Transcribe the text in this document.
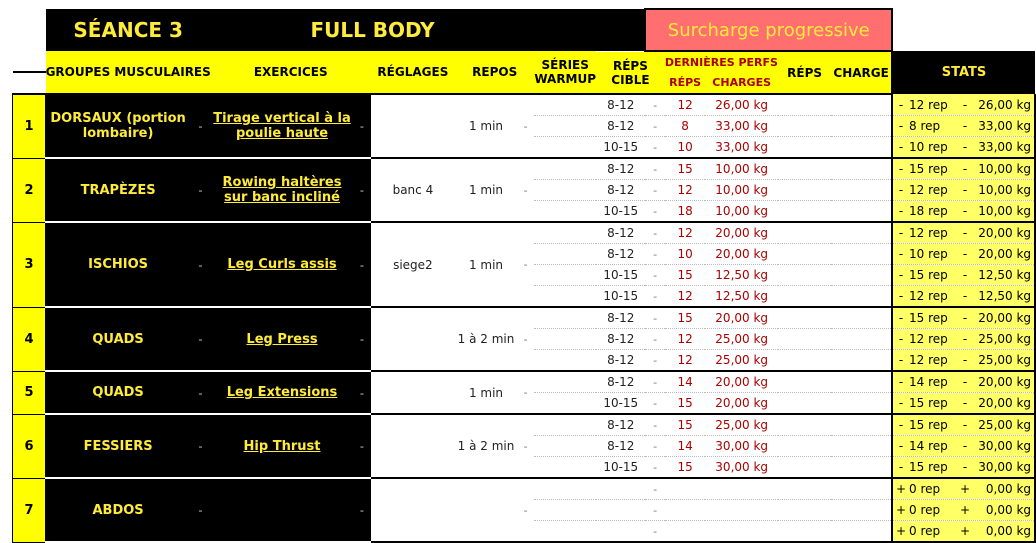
	SÉANCE 3		FULL BODY							Surcharge progressive					
	GROUPES MUSCULAIRES		EXERCICES		RÉGLAGES	REPOS		SÉRIES WARMUP	RÉPS CIBLE		DERNIÈRES PERFS		RÉPS	CHARGE	STATS
											RÉPS	CHARGES			
1	DORSAUX (portion lombaire)	-	Tirage vertical à la poulie haute	-		1 min	-		8-12	-	12	26,00 kg			- 12 rep - 26,00 kg
									8-12	-	8	33,00 kg			- 8 rep - 33,00 kg
									10-15	-	10	33,00 kg			- 10 rep - 33,00 kg
2	TRAPÈZES	-	Rowing haltères sur banc incliné	-	banc 4	1 min	-		8-12	-	15	10,00 kg			- 15 rep - 10,00 kg
									8-12	-	12	10,00 kg			- 12 rep - 10,00 kg
									10-15	-	18	10,00 kg			- 18 rep - 10,00 kg
3	ISCHIOS	-	Leg Curls assis	-	siege2	1 min	-		8-12	-	12	20,00 kg			- 12 rep - 20,00 kg
									8-12	-	10	20,00 kg			- 10 rep - 20,00 kg
									10-15	-	15	12,50 kg			- 15 rep - 12,50 kg
									10-15	-	12	12,50 kg			- 12 rep - 12,50 kg
4	QUADS	-	Leg Press	-		1 à 2 min	-		8-12	-	15	20,00 kg			- 15 rep - 20,00 kg
									8-12	-	12	25,00 kg			- 12 rep - 25,00 kg
									8-12	-	12	25,00 kg			- 12 rep - 25,00 kg
5	QUADS	-	Leg Extensions	-		1 min	-		8-12	-	14	20,00 kg			- 14 rep - 20,00 kg
									10-15	-	15	20,00 kg			- 15 rep - 20,00 kg
6	FESSIERS	-	Hip Thrust	-		1 à 2 min	-		8-12	-	15	25,00 kg			- 15 rep - 25,00 kg
									8-12	-	14	30,00 kg			- 14 rep - 30,00 kg
									10-15	-	15	30,00 kg			- 15 rep - 30,00 kg
7	ABDOS	-		-			-			-					+ 0 rep + 0,00 kg
										-					+ 0 rep + 0,00 kg
										-					+ 0 rep + 0,00 kg
